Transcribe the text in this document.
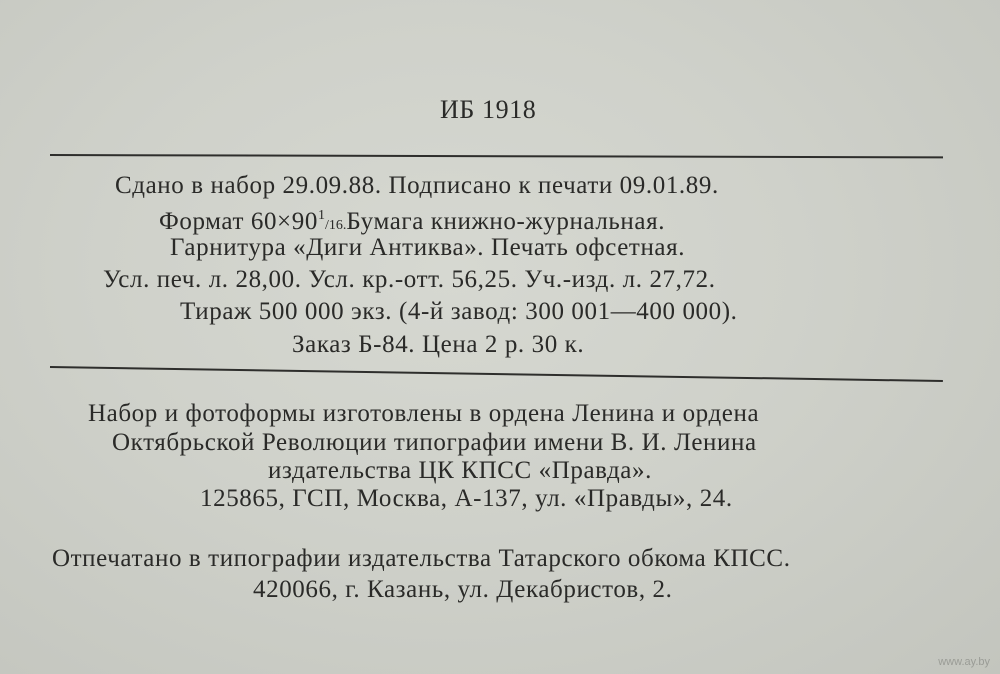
ИБ 1918
Сдано в набор 29.09.88. Подписано к печати 09.01.89.
Формат $60\times 90^1/16.Бумага$ книжно-журнальная.
Гарнитура «Диги Антиква». Печать офсетная.
Усл. печ. л. 28,00. Усл. кр.-отт. 56,25. Уч.-изд. л. 27,72.
Тираж 500 000 экз. (4-й завод: 300 001—400 000).
Заказ Б-84. Цена 2 р. 30 к.
Набор и фотоформы изготовлены в ордена Ленина и ордена
Октябрьской Революции типографии имени В. И. Ленина
издательства ЦК КПСС «Правда».
125865, ГСП, Москва, А-137, ул. «Правды», 24.
Отпечатано в типографии издательства Татарского обкома КПСС.
420066, г. Казань, ул. Декабристов, 2.
www.ay.by
